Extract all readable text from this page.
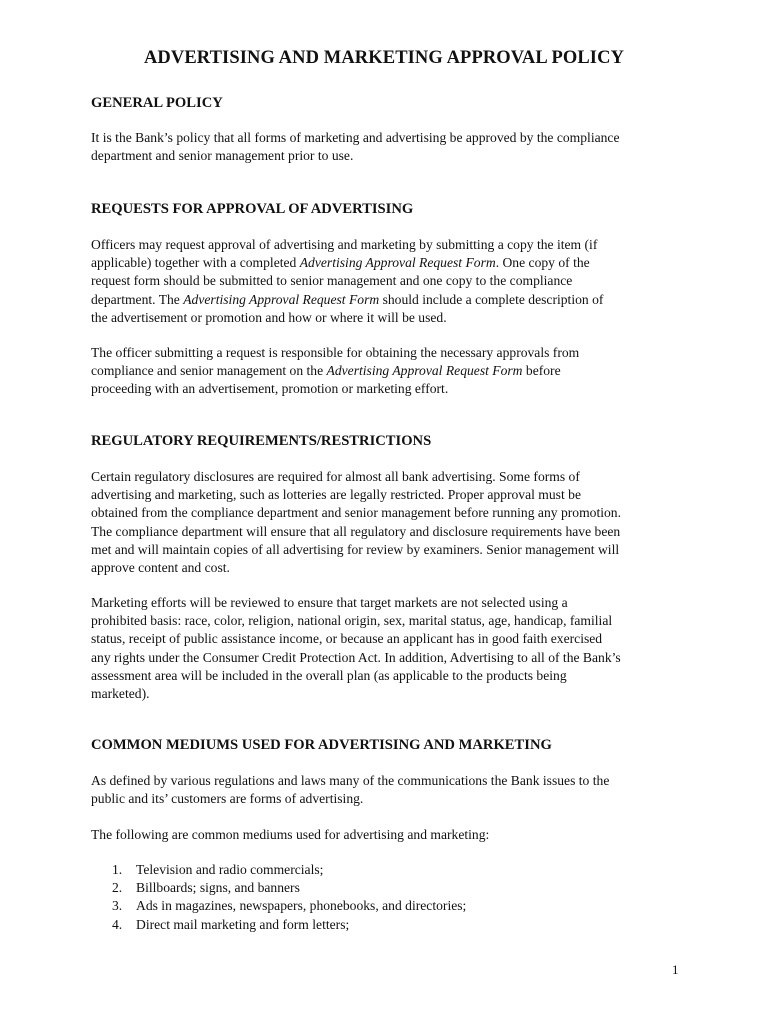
ADVERTISING AND MARKETING APPROVAL POLICY
GENERAL POLICY
It is the Bank’s policy that all forms of marketing and advertising be approved by the compliance
department and senior management prior to use.
REQUESTS FOR APPROVAL OF ADVERTISING
Officers may request approval of advertising and marketing by submitting a copy the item (if
applicable) together with a completed Advertising Approval Request Form. One copy of the
request form should be submitted to senior management and one copy to the compliance
department. The Advertising Approval Request Form should include a complete description of
the advertisement or promotion and how or where it will be used.
The officer submitting a request is responsible for obtaining the necessary approvals from
compliance and senior management on the Advertising Approval Request Form before
proceeding with an advertisement, promotion or marketing effort.
REGULATORY REQUIREMENTS/RESTRICTIONS
Certain regulatory disclosures are required for almost all bank advertising. Some forms of
advertising and marketing, such as lotteries are legally restricted. Proper approval must be
obtained from the compliance department and senior management before running any promotion.
The compliance department will ensure that all regulatory and disclosure requirements have been
met and will maintain copies of all advertising for review by examiners. Senior management will
approve content and cost.
Marketing efforts will be reviewed to ensure that target markets are not selected using a
prohibited basis: race, color, religion, national origin, sex, marital status, age, handicap, familial
status, receipt of public assistance income, or because an applicant has in good faith exercised
any rights under the Consumer Credit Protection Act. In addition, Advertising to all of the Bank’s
assessment area will be included in the overall plan (as applicable to the products being
marketed).
COMMON MEDIUMS USED FOR ADVERTISING AND MARKETING
As defined by various regulations and laws many of the communications the Bank issues to the
public and its’ customers are forms of advertising.
The following are common mediums used for advertising and marketing:
1.	Television and radio commercials;
2.	Billboards; signs, and banners
3.	Ads in magazines, newspapers, phonebooks, and directories;
4.	Direct mail marketing and form letters;
1
